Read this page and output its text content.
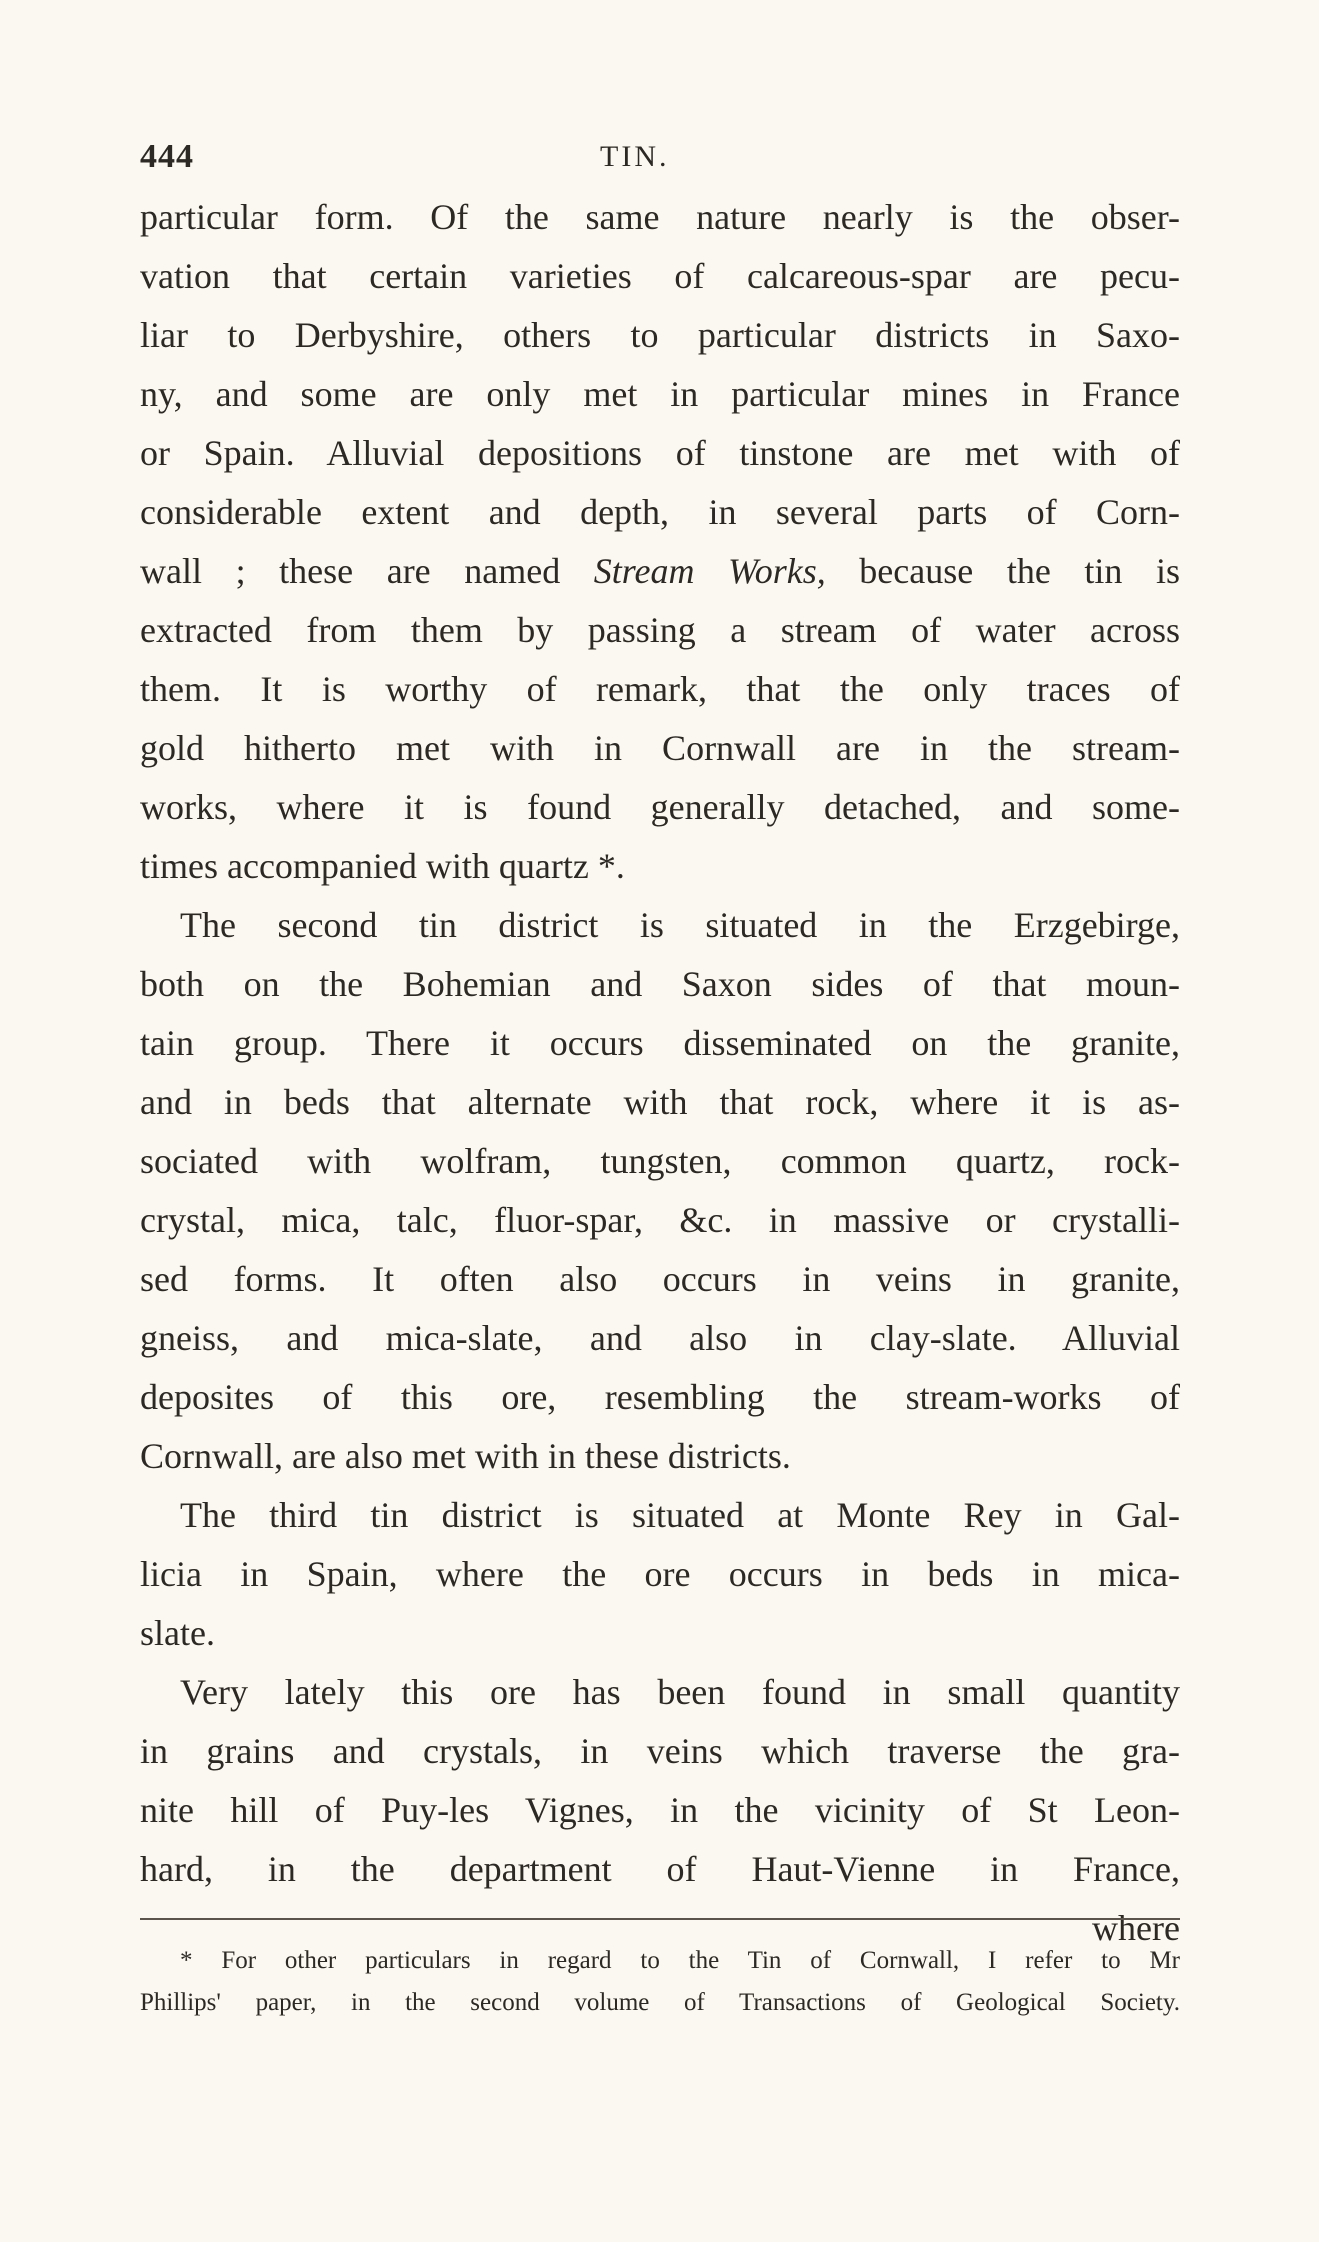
444	TIN.
particular form. Of the same nature nearly is the obser-
vation that certain varieties of calcareous-spar are pecu-
liar to Derbyshire, others to particular districts in Saxo-
ny, and some are only met in particular mines in France
or Spain. Alluvial depositions of tinstone are met with of
considerable extent and depth, in several parts of Corn-
wall ; these are named Stream Works, because the tin is
extracted from them by passing a stream of water across
them. It is worthy of remark, that the only traces of
gold hitherto met with in Cornwall are in the stream-
works, where it is found generally detached, and some-
times accompanied with quartz *.
The second tin district is situated in the Erzgebirge,
both on the Bohemian and Saxon sides of that moun-
tain group. There it occurs disseminated on the granite,
and in beds that alternate with that rock, where it is as-
sociated with wolfram, tungsten, common quartz, rock-
crystal, mica, talc, fluor-spar, &c. in massive or crystalli-
sed forms. It often also occurs in veins in granite,
gneiss, and mica-slate, and also in clay-slate. Alluvial
deposites of this ore, resembling the stream-works of
Cornwall, are also met with in these districts.
The third tin district is situated at Monte Rey in Gal-
licia in Spain, where the ore occurs in beds in mica-
slate.
Very lately this ore has been found in small quantity
in grains and crystals, in veins which traverse the gra-
nite hill of Puy-les Vignes, in the vicinity of St Leon-
hard, in the department of Haut-Vienne in France,
where
* For other particulars in regard to the Tin of Cornwall, I refer to Mr
Phillips' paper, in the second volume of Transactions of Geological Society.
